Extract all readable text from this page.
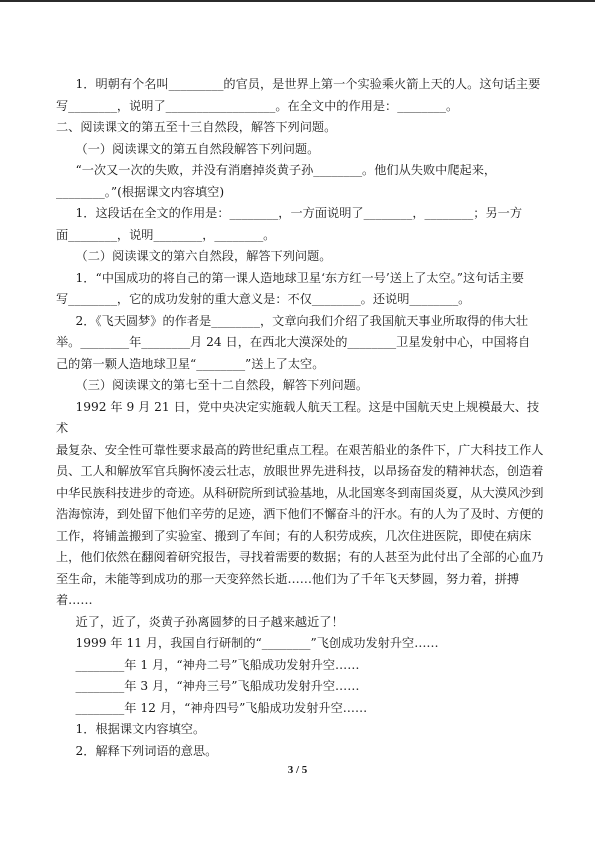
1．明朝有个名叫_________的官员，是世界上第一个实验乘火箭上天的人。这句话主要

写________，说明了__________________。在全文中的作用是：________。

二、阅读课文的第五至十三自然段，解答下列问题。

（一）阅读课文的第五自然段解答下列问题。

“一次又一次的失败，并没有消磨掉炎黄子孙________。他们从失败中爬起来，

________。”(根据课文内容填空)

1．这段话在全文的作用是：________，一方面说明了________，________；另一方

面________，说明________，________。

（二）阅读课文的第六自然段，解答下列问题。

1．“中国成功的将自己的第一课人造地球卫星‘东方红一号’送上了太空。”这句话主要

写________，它的成功发射的重大意义是：不仅________。还说明________。

2．《飞天圆梦》的作者是________，文章向我们介绍了我国航天事业所取得的伟大壮

举。________年________月 24 日，在西北大漠深处的________卫星发射中心，中国将自

己的第一颗人造地球卫星“________”送上了太空。

（三）阅读课文的第七至十二自然段，解答下列问题。

1992 年 9 月 21 日，党中央决定实施载人航天工程。这是中国航天史上规模最大、技术

最复杂、安全性可靠性要求最高的跨世纪重点工程。在艰苦船业的条件下，广大科技工作人

员、工人和解放军官兵胸怀凌云壮志，放眼世界先进科技，以昂扬奋发的精神状态，创造着

中华民族科技进步的奇迹。从科研院所到试验基地，从北国寒冬到南国炎夏，从大漠风沙到

浩海惊涛，到处留下他们辛劳的足迹，洒下他们不懈奋斗的汗水。有的人为了及时、方便的

工作，将铺盖搬到了实验室、搬到了车间；有的人积劳成疾，几次住进医院，即使在病床

上，他们依然在翻阅着研究报告，寻找着需要的数据；有的人甚至为此付出了全部的心血乃

至生命，未能等到成功的那一天变猝然长逝……他们为了千年飞天梦圆，努力着，拼搏

着……

近了，近了，炎黄子孙离圆梦的日子越来越近了！

1999 年 11 月，我国自行研制的“________”飞创成功发射升空……

________年 1 月，“神舟二号”飞船成功发射升空……

________年 3 月，“神舟三号”飞船成功发射升空……

________年 12 月，“神舟四号”飞船成功发射升空……

1．根据课文内容填空。

2．解释下列词语的意思。

3 / 5
